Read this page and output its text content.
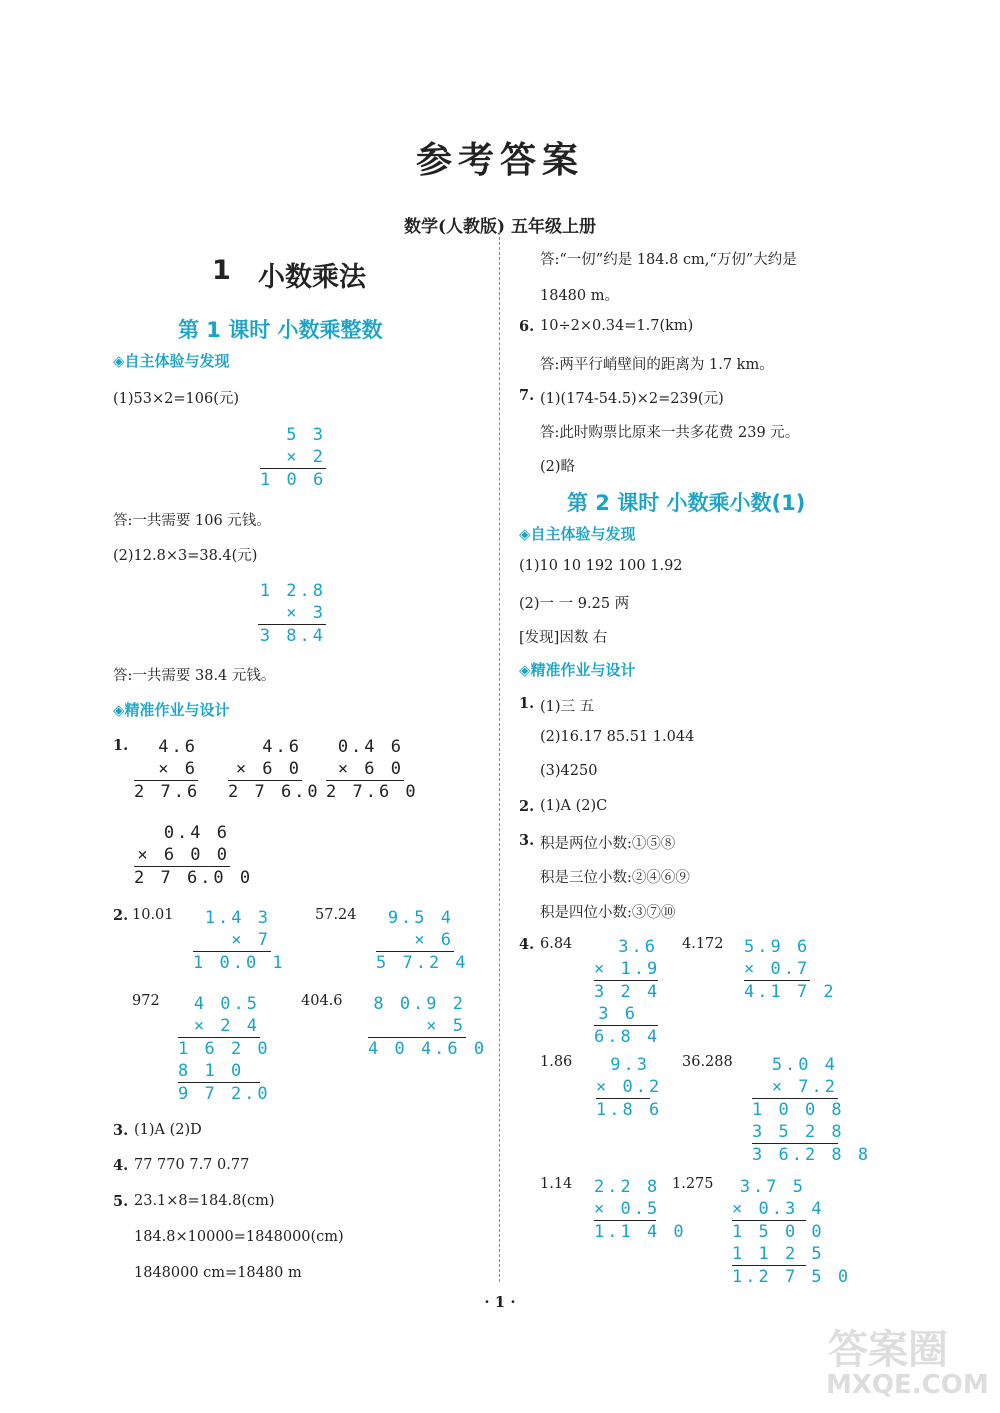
参考答案
数学(人教版) 五年级上册
1 小数乘法
第 1 课时 小数乘整数
◈自主体验与发现
(1)53×2=106(元)
5 3
× 2
1 0 6
答:一共需要 106 元钱。
(2)12.8×3=38.4(元)
1 2.8
× 3
3 8.4
答:一共需要 38.4 元钱。
◈精准作业与设计
1.	4.6
× 6
2 7.6
4.6
× 6 0
2 7 6.0
0.4 6
× 6 0
2 7.6 0
0.4 6
× 6 0 0
2 7 6.0 0
2. 10.01	1.4 3
× 7
1 0.0 1
57.24	9.5 4
× 6
5 7.2 4
972	4 0.5
× 2 4
1 6 2 0
8 1 0
9 7 2.0
404.6	8 0.9 2
× 5
4 0 4.6 0
3. (1)A (2)D
4. 77 770 7.7 0.77
5. 23.1×8=184.8(cm)
184.8×10000=1848000(cm)
1848000 cm=18480 m
答:“一仞”约是 184.8 cm,“万仞”大约是
18480 m。
6. 10÷2×0.34=1.7(km)
答:两平行峭壁间的距离为 1.7 km。
7. (1)(174-54.5)×2=239(元)
答:此时购票比原来一共多花费 239 元。
(2)略
第 2 课时 小数乘小数(1)
◈自主体验与发现
(1)10 10 192 100 1.92
(2)一 一 9.25 两
[发现]因数 右
◈精准作业与设计
1. (1)三 五
(2)16.17 85.51 1.044
(3)4250
2. (1)A (2)C
3. 积是两位小数:①⑤⑧
积是三位小数:②④⑥⑨
积是四位小数:③⑦⑩
4. 6.84	3.6
× 1.9
3 2 4
3 6
6.8 4
4.172 5.9 6
× 0.7
4.1 7 2
1.86	9.3
× 0.2
1.8 6
36.288	5.0 4
× 7.2
1 0 0 8
3 5 2 8
3 6.2 8 8
1.14 2.2 8
× 0.5
1.1 4 0
1.275	3.7 5
× 0.3 4
1 5 0 0
1 1 2 5
1.2 7 5 0
· 1 ·
答案圈
MXQE.COM
